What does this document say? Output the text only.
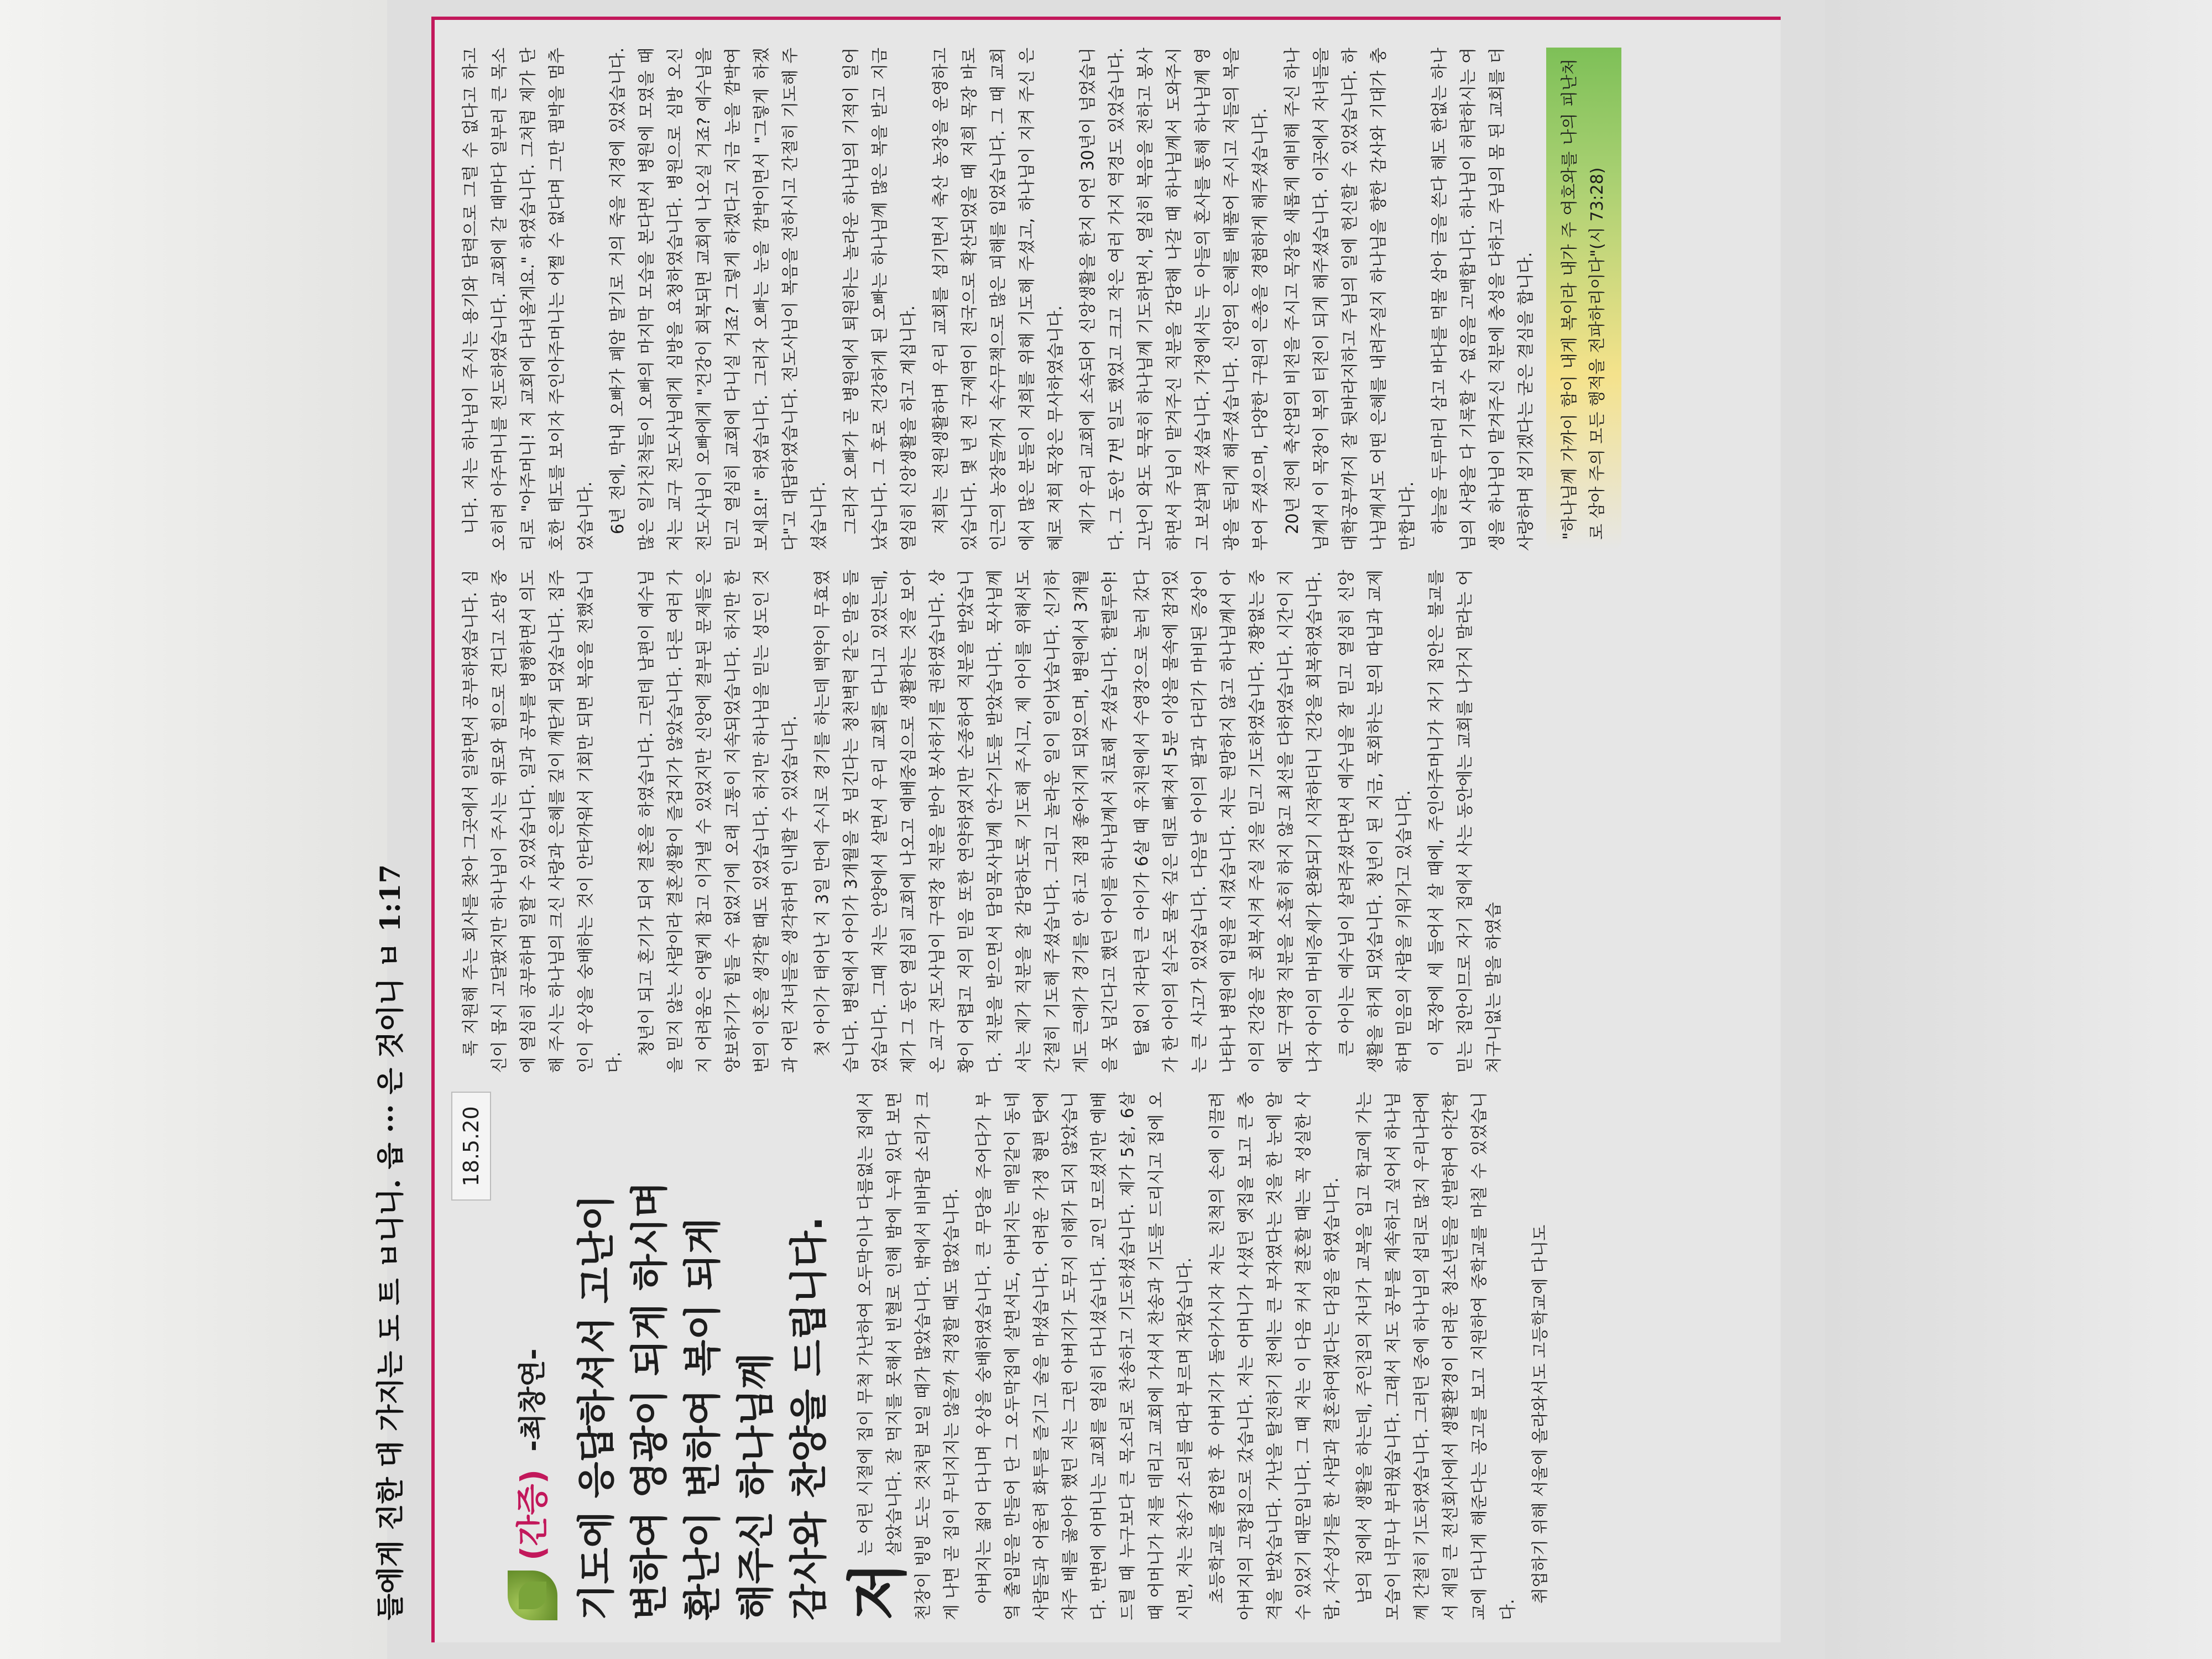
들에게 진한 대 가지는 도 트 ㅂ니니. 읍 ··· 은 것이니 ㅂ 1:17	18.5.20
(간증)
-최창연- 기도에 응답하셔서 고난이 변하여 영광이 되게 하시며 환난이 변하여 복이 되게 해주신 하나님께 감사와 찬양을 드립니다. 저
는 어린 시절에 집이 무척 가난하여 오두막이나 다름없는 집에서 살았습니다. 잘 먹지를 못해서 빈혈로 인해 밤에 누워 있다 보면 천장이 빙빙 도는 것처럼 보일 때가 많았습니다. 밖에서 비바람 소리가 크게 나면 곧 집이 무너지지는 않을까 걱정할 때도 많았습니다. 아버지는 젊어 다니며 우상을 숭배하였습니다. 큰 무당을 주어다가 부엌 출입문을 만들어 단 그 오두막집에 살면서도, 아버지는 매일같이 동네 사람들과 어울려 화투를 즐기고 술을 마셨습니다. 어려운 가정 형편 탓에 자주 배를 곯아야 했던 저는 그런 아버지가 도무지 이해가 되지 않았습니다. 반면에 어머니는 교회를 열심히 다니셨습니다. 교인 모르셨지만 예배드릴 때 누구보다 큰 목소리로 찬송하고 기도하셨습니다. 제가 5살, 6살 때 어머니가 저를 데리고 교회에 가셔서 찬송과 기도를 드리시고 집에 오시면, 저는 찬송가 소리를 따라 부르며 자랐습니다. 초등학교를 졸업한 후 아버지가 돌아가시자 저는 친척의 손에 이끌려 아버지의 고향집으로 갔습니다. 저는 어머니가 사셨던 옛집을 보고 큰 충격을 받았습니다. 가난을 탈진하기 전에는 큰 부자였다는 것을 한 눈에 알 수 있었기 때문입니다. 그 때 저는 이 다음 커서 결혼할 때는 꼭 성실한 사람, 자수성가를 한 사람과 결혼하여겠다는 다짐을 하였습니다. 남의 집에서 생활을 하는데, 주인집의 자녀가 교복을 입고 학교에 가는 모습이 너무나 부러웠습니다. 그래서 저도 공부를 계속하고 싶어서 하나님께 간절히 기도하였습니다. 그러던 중에 하나님의 섭리로 많지 우리나라에서 제일 큰 전선회사에서 생활환경이 어려운 청소년들을 선발하여 야간학교에 다니게 해준다는 공고를 보고 지원하여 중학교를 마칠 수 있었습니다.

취업하기 위해 서울에 올라와서도 고등학교에 다니도

록 지원해 주는 회사를 찾아 그곳에서 일하면서 공부하였습니다. 심신이 몹시 고달팠지만 하나님이 주시는 위로와 힘으로 견디고 소망 중에 열심히 공부하며 일할 수 있었습니다. 일과 공부를 병행하면서 의도해 주시는 하나님의 크신 사랑과 은혜를 깊이 깨닫게 되었습니다. 집주인이 우상을 숭배하는 것이 안타까워서 기회만 되면 복음을 전했습니다.

청년이 되고 혼기가 되어 결혼을 하였습니다. 그런데 남편이 예수님을 믿지 않는 사람이라 결혼생활이 즐겁지가 않았습니다. 다른 여러 가지 어려움은 어떻게 참고 이겨낼 수 있었지만 신앙에 결부된 문제들은 양보하기가 힘들 수 없었기에 오래 고통이 지속되었습니다. 하지만 한 번의 이혼을 생각할 때도 있었습니다. 하지만 하나님을 믿는 성도인 것과 어린 자녀들을 생각하며 인내할 수 있었습니다. 첫 아이가 태어난 지 3일 만에 수시로 경기를 하는데 백약이 무효였습니다. 병원에서 아이가 3개월을 못 넘긴다는 청천벽력 같은 말을 들었습니다. 그때 저는 안양에서 살면서 우리 교회를 다니고 있었는데, 제가 그 동안 열심히 교회에 나오고 예배중심으로 생활하는 것을 보아 온 교구 전도사님이 구역장 직분을 받아 봉사하기를 권하였습니다. 상황이 어렵고 저의 믿음 또한 연약하였지만 순종하여 직분을 받았습니다. 직분을 받으면서 담임목사님께 안수기도를 받았습니다. 목사님께서는 제가 직분을 잘 감당하도록 기도해 주시고, 제 아이를 위해서도 간절히 기도해 주셨습니다. 그리고 놀라운 일이 일어났습니다. 신기하게도 큰애가 경기를 안 하고 점점 좋아지게 되었으며, 병원에서 3개월을 못 넘긴다고 했던 아이를 하나님께서 치료해 주셨습니다. 할렐루야! 탈 없이 자라던 큰 아이가 6살 때 유치원에서 수영장으로 놀러 갔다가 한 아이의 실수로 물속 깊은 데로 빠져서 5분 이상을 물속에 잠겨있는 큰 사고가 있었습니다. 다음날 아이의 팔과 다리가 마비된 증상이 나타나 병원에 입원을 시켰습니다. 저는 원망하지 않고 하나님께서 아이의 건강을 곧 회복시켜 주실 것을 믿고 기도하였습니다. 경황없는 중에도 구역장 직분을 소홀히 하지 않고 최선을 다하였습니다. 시간이 지나자 아이의 마비증세가 완화되기 시작하더니 건강을 회복하였습니다. 큰 아이는 예수님이 살려주셨다면서 예수님을 잘 믿고 열심히 신앙생활을 하게 되었습니다. 청년이 된 지금, 목회하는 분의 따님과 교제하며 믿음의 사람을 키워가고 있습니다. 이 목장에 세 들어서 살 때에, 주인아주머니가 자기 집안은 불교를 믿는 집안이므로 자기 집에서 사는 동안에는 교회를 나가지 말라는 어처구니없는 말을 하였습

니다. 저는 하나님이 주시는 용기와 담력으로 그럴 수 없다고 하고 오히려 아주머니를 전도하였습니다. 교회에 갈 때마다 일부러 큰 목소리로 "아주머니! 저 교회에 다녀올게요." 하였습니다. 그처럼 제가 단호한 태도를 보이자 주인아주머니는 어쩔 수 없다며 그만 핍박을 멈추었습니다. 6년 전에, 막내 오빠가 폐암 말기로 거의 죽을 지경에 있었습니다. 많은 일가친척들이 오빠의 마지막 모습을 본다면서 병원에 모였을 때 저는 교구 전도사님에게 심방을 요청하였습니다. 병원으로 심방 오신 전도사님이 오빠에게 "건강이 회복되면 교회에 나오실 거죠? 예수님을 믿고 열심히 교회에 다니실 거죠? 그렇게 하겠다고 지금 눈을 깜박여 보세요!" 하였습니다. 그러자 오빠는 눈을 깜박이면서 "그렇게 하겠다"고 대답하였습니다. 전도사님이 복음을 전하시고 간절히 기도해 주셨습니다. 그러자 오빠가 곧 병원에서 퇴원하는 놀라운 하나님의 기적이 일어났습니다. 그 후로 건강하게 된 오빠는 하나님께 많은 복을 받고 지금 열심히 신앙생활을 하고 계십니다. 저희는 전원생활하며 우리 교회를 섬기면서 축산 농장을 운영하고 있습니다. 몇 년 전 구제역이 전국으로 확산되었을 때 저희 목장 바로 인근의 농장들까지 속수무책으로 많은 피해를 입었습니다. 그 때 교회에서 많은 분들이 저희를 위해 기도해 주셨고, 하나님이 지켜 주신 은혜로 저희 목장은 무사하였습니다. 제가 우리 교회에 소속되어 신앙생활을 한지 어언 30년이 넘었습니다. 그 동안 7번 일도 했었고 크고 작은 여러 가지 역경도 있었습니다. 고난이 와도 묵묵히 하나님께 기도하면서, 열심히 복음을 전하고 봉사하면서 주님이 맡겨주신 직분을 감당해 나갈 때 하나님께서 도와주시고 보살펴 주셨습니다. 가정에서는 두 아들의 혼사를 통해 하나님께 영광을 돌리게 해주셨습니다. 신앙의 은혜를 배풀어 주시고 저들의 복을 부어 주셨으며, 다양한 구원의 은총을 경험하게 해주셨습니다. 20년 전에 축산업의 비전을 주시고 목장을 새롭게 예비해 주신 하나님께서 이 목장이 복의 터전이 되게 해주셨습니다. 이곳에서 자녀들을 대학공부까지 잘 뒷바라지하고 주님의 일에 헌신할 수 있었습니다. 하나님께서도 어떤 은혜를 내려주실지 하나님을 향한 감사와 기대가 충만합니다. 하늘을 두루마리 삼고 바다를 먹물 삼아 글을 쓴다 해도 한없는 하나님의 사랑을 다 기록할 수 없음을 고백합니다. 하나님이 허락하시는 여생을 하나님이 맡겨주신 직분에 충성을 다하고 주님의 몸 된 교회를 더 사랑하며 섬기겠다는 굳은 결심을 합니다.	"하나님께 가까이 함이 내게 복이라 내가 주 여호와를 나의 피난처로 삼아 주의 모든 행적을 전파하리이다"(시 73:28)
